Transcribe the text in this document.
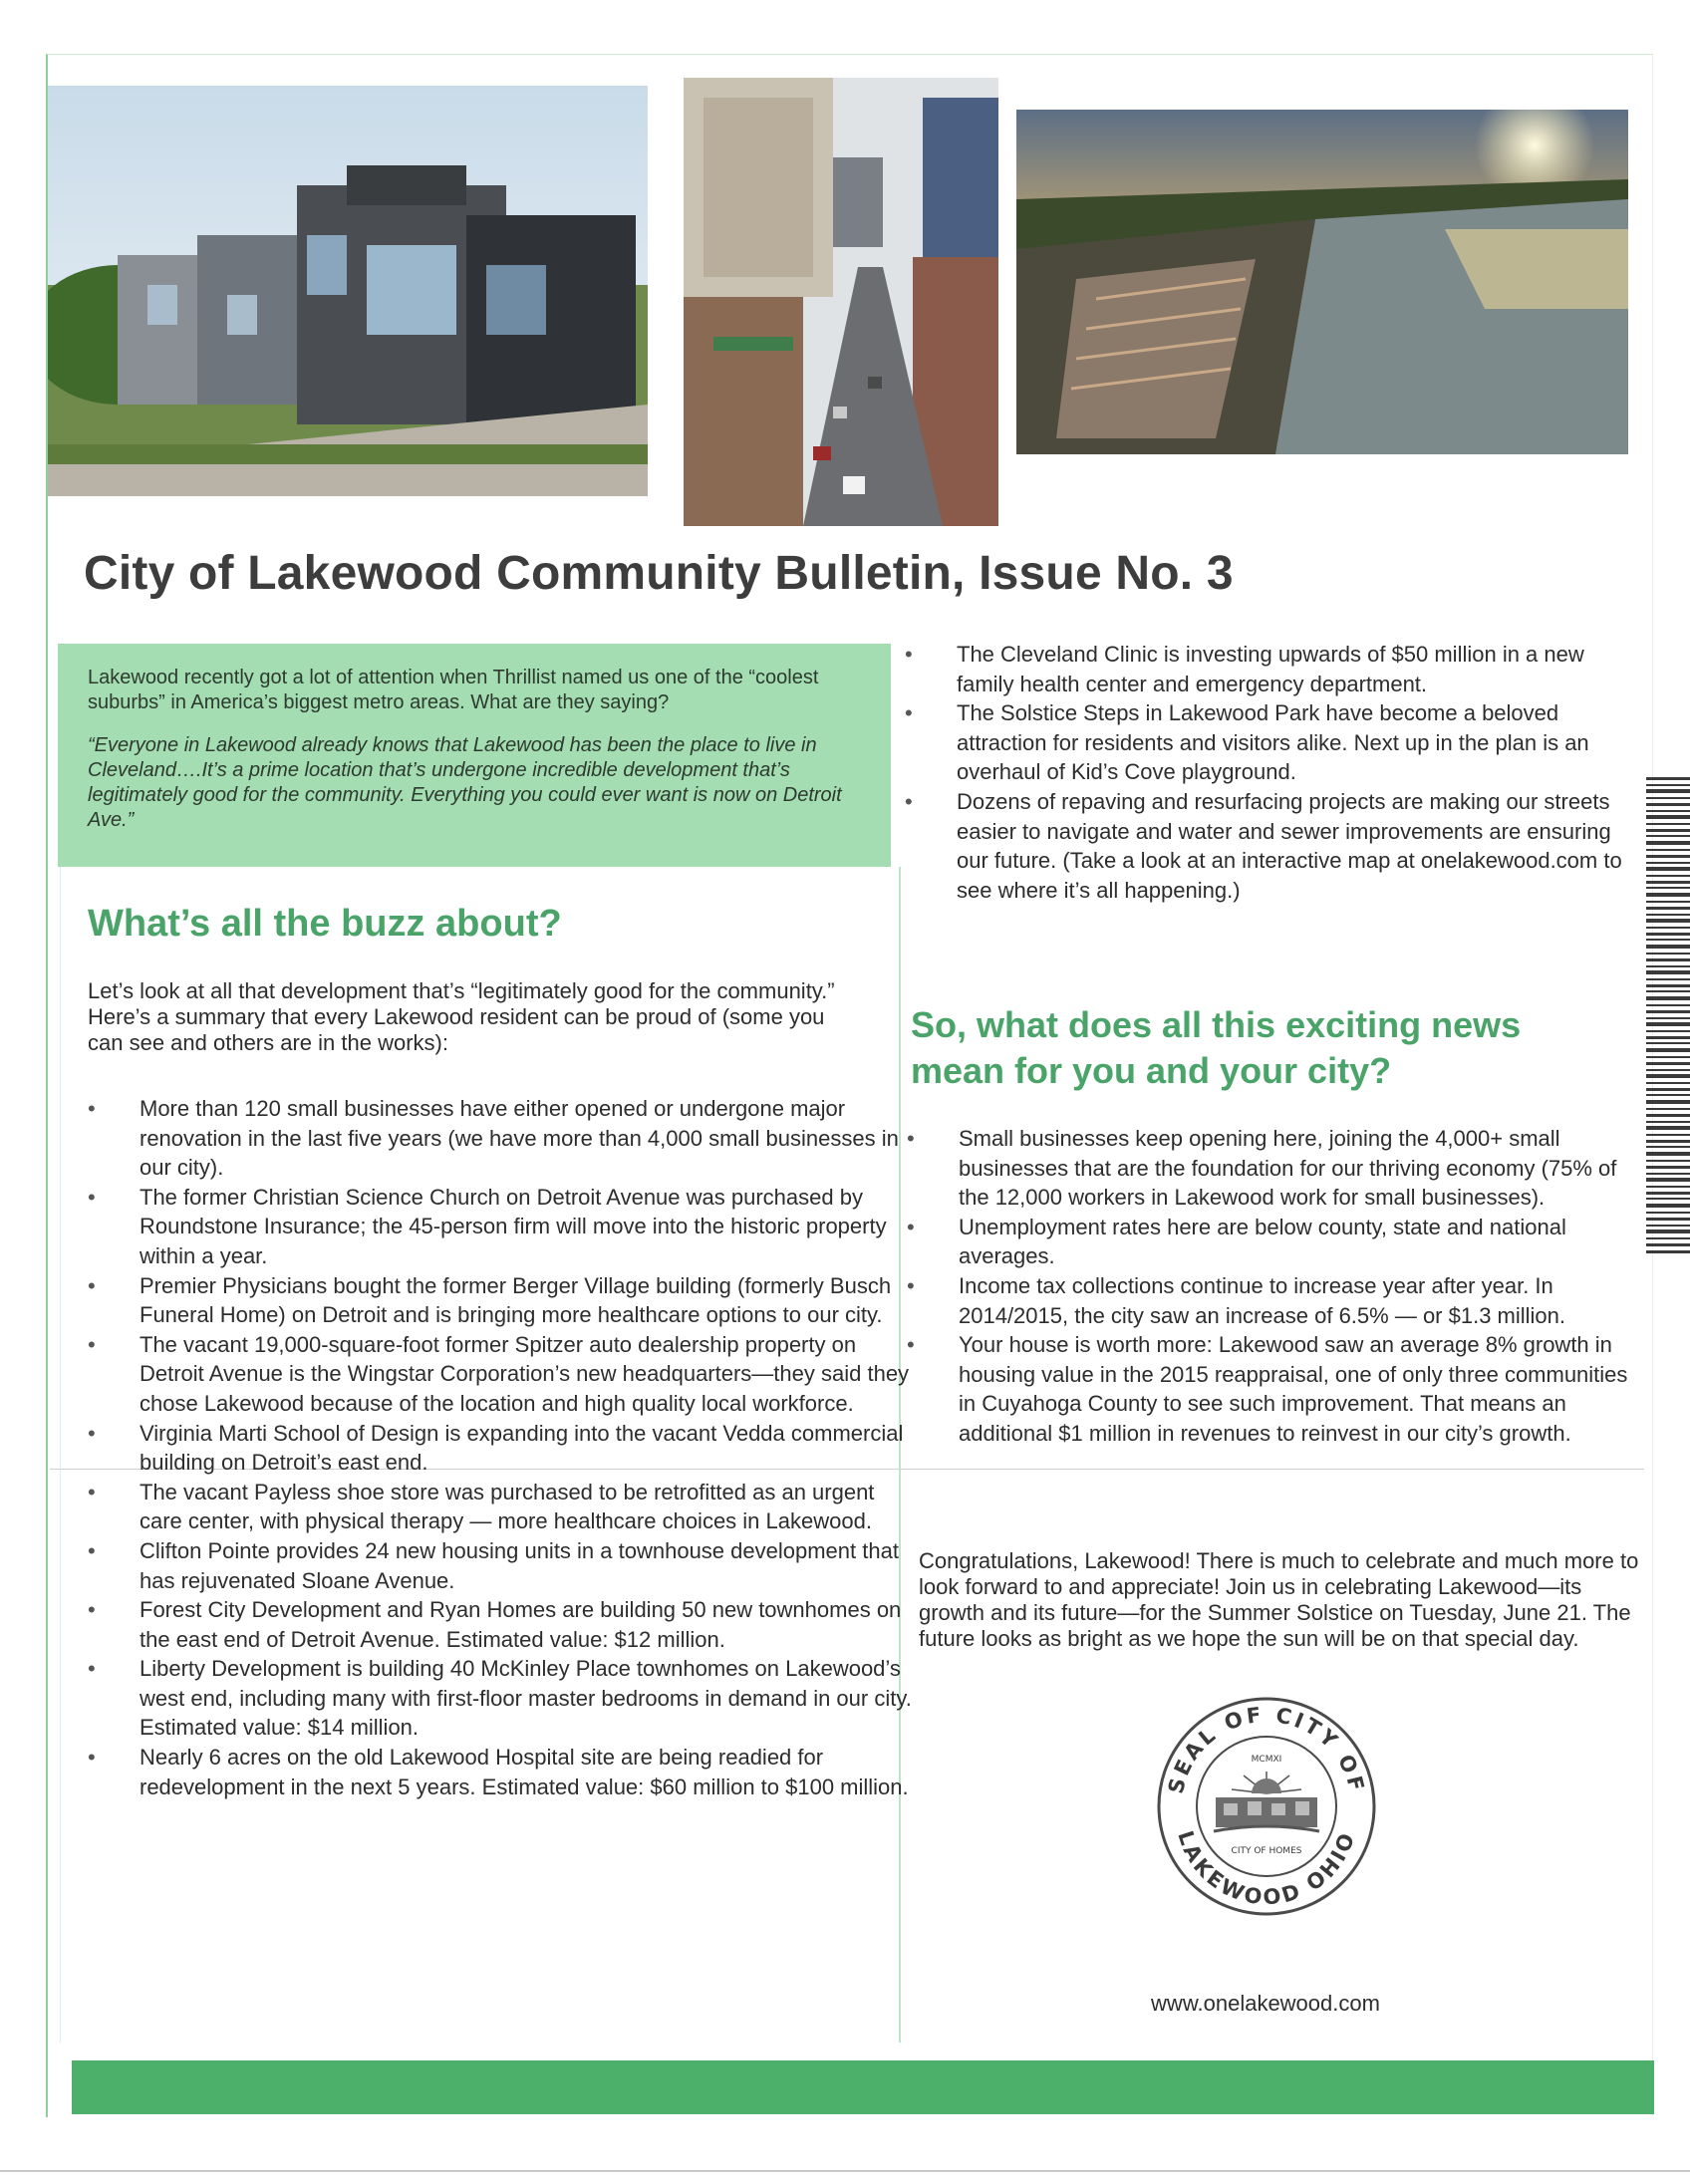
City of Lakewood Community Bulletin, Issue No. 3

Lakewood recently got a lot of attention when Thrillist named us one of the “coolest suburbs” in America’s biggest metro areas. What are they saying?

“Everyone in Lakewood already knows that Lakewood has been the place to live in Cleveland….It’s a prime location that’s undergone incredible development that’s legitimately good for the community. Everything you could ever want is now on Detroit Ave.”

What’s all the buzz about?
Let’s look at all that development that’s “legitimately good for the community.” Here’s a summary that every Lakewood resident can be proud of (some you can see and others are in the works):
• More than 120 small businesses have either opened or undergone major renovation in the last five years (we have more than 4,000 small businesses in our city).
• The former Christian Science Church on Detroit Avenue was purchased by Roundstone Insurance; the 45-person firm will move into the historic property within a year.
• Premier Physicians bought the former Berger Village building (formerly Busch Funeral Home) on Detroit and is bringing more healthcare options to our city.
• The vacant 19,000-square-foot former Spitzer auto dealership property on Detroit Avenue is the Wingstar Corporation’s new headquarters—they said they chose Lakewood because of the location and high quality local workforce.
• Virginia Marti School of Design is expanding into the vacant Vedda commercial building on Detroit’s east end.
• The vacant Payless shoe store was purchased to be retrofitted as an urgent care center, with physical therapy — more healthcare choices in Lakewood.
• Clifton Pointe provides 24 new housing units in a townhouse development that has rejuvenated Sloane Avenue.
• Forest City Development and Ryan Homes are building 50 new townhomes on the east end of Detroit Avenue. Estimated value: $12 million.
• Liberty Development is building 40 McKinley Place townhomes on Lakewood’s west end, including many with first-floor master bedrooms in demand in our city. Estimated value: $14 million.
• Nearly 6 acres on the old Lakewood Hospital site are being readied for redevelopment in the next 5 years. Estimated value: $60 million to $100 million.
• The Cleveland Clinic is investing upwards of $50 million in a new family health center and emergency department.
• The Solstice Steps in Lakewood Park have become a beloved attraction for residents and visitors alike. Next up in the plan is an overhaul of Kid’s Cove playground.
• Dozens of repaving and resurfacing projects are making our streets easier to navigate and water and sewer improvements are ensuring our future. (Take a look at an interactive map at onelakewood.com to see where it’s all happening.)
So, what does all this exciting news mean for you and your city?
• Small businesses keep opening here, joining the 4,000+ small businesses that are the foundation for our thriving economy (75% of the 12,000 workers in Lakewood work for small businesses).
• Unemployment rates here are below county, state and national averages.
• Income tax collections continue to increase year after year. In 2014/2015, the city saw an increase of 6.5% — or $1.3 million.
• Your house is worth more: Lakewood saw an average 8% growth in housing value in the 2015 reappraisal, one of only three communities in Cuyahoga County to see such improvement. That means an additional $1 million in revenues to reinvest in our city’s growth.
Congratulations, Lakewood! There is much to celebrate and much more to look forward to and appreciate! Join us in celebrating Lakewood—its growth and its future—for the Summer Solstice on Tuesday, June 21. The future looks as bright as we hope the sun will be on that special day.
SEAL OF CITY OF
LAKEWOOD OHIO
MCMXI
CITY OF HOMES
www.onelakewood.com
